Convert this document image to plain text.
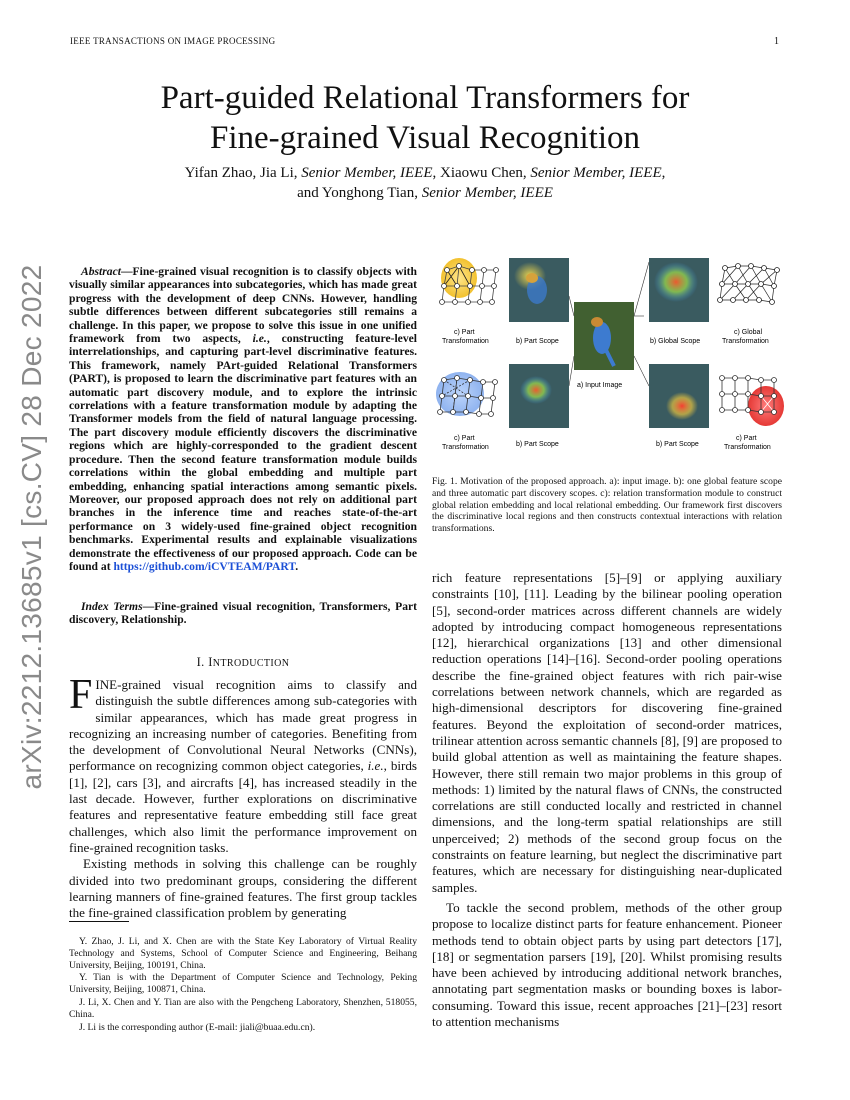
IEEE TRANSACTIONS ON IMAGE PROCESSING	1
arXiv:2212.13685v1 [cs.CV] 28 Dec 2022
Part-guided Relational Transformers for
Fine-grained Visual Recognition
Yifan Zhao, Jia Li, Senior Member, IEEE, Xiaowu Chen, Senior Member, IEEE,
and Yonghong Tian, Senior Member, IEEE
Abstract—Fine-grained visual recognition is to classify objects with visually similar appearances into subcategories, which has made great progress with the development of deep CNNs. However, handling subtle differences between different subcategories still remains a challenge. In this paper, we propose to solve this issue in one unified framework from two aspects, i.e., constructing feature-level interrelationships, and capturing part-level discriminative features. This framework, namely PArt-guided Relational Transformers (PART), is proposed to learn the discriminative part features with an automatic part discovery module, and to explore the intrinsic correlations with a feature transformation module by adapting the Transformer models from the field of natural language processing. The part discovery module efficiently discovers the discriminative regions which are highly-corresponded to the gradient descent procedure. Then the second feature transformation module builds correlations within the global embedding and multiple part embedding, enhancing spatial interactions among semantic pixels. Moreover, our proposed approach does not rely on additional part branches in the inference time and reaches state-of-the-art performance on 3 widely-used fine-grained object recognition benchmarks. Experimental results and explainable visualizations demonstrate the effectiveness of our proposed approach. Code can be found at https://github.com/iCVTEAM/PART.
Index Terms—Fine-grained visual recognition, Transformers, Part discovery, Relationship.
I. INTRODUCTION

FINE-grained visual recognition aims to classify and distinguish the subtle differences among sub-categories with similar appearances, which has made great progress in recognizing an increasing number of categories. Benefiting from the development of Convolutional Neural Networks (CNNs), performance on recognizing common object categories, i.e., birds [1], [2], cars [3], and aircrafts [4], has increased steadily in the last decade. However, further explorations on discriminative features and representative feature embedding still face great challenges, which also limit the performance improvement on fine-grained recognition tasks.

Existing methods in solving this challenge can be roughly divided into two predominant groups, considering the different learning manners of fine-grained features. The first group tackles the fine-grained classification problem by generating

Y. Zhao, J. Li, and X. Chen are with the State Key Laboratory of Virtual Reality Technology and Systems, School of Computer Science and Engineering, Beihang University, Beijing, 100191, China.

Y. Tian is with the Department of Computer Science and Technology, Peking University, Beijing, 100871, China.

J. Li, X. Chen and Y. Tian are also with the Pengcheng Laboratory, Shenzhen, 518055, China.

J. Li is the corresponding author (E-mail: jiali@buaa.edu.cn).

c) Part
Transformation	b) Part Scope
a) Input Image
b) Global Scope
c) Global
Transformation
c) Part
Transformation	b) Part Scope	b) Part Scope
c) Part
Transformation
Fig. 1. Motivation of the proposed approach. a): input image. b): one global feature scope and three automatic part discovery scopes. c): relation transformation module to construct global relation embedding and local relational embedding. Our framework first discovers the discriminative local regions and then constructs contextual interactions with relation transformations.

rich feature representations [5]–[9] or applying auxiliary constraints [10], [11]. Leading by the bilinear pooling operation [5], second-order matrices across different channels are widely adopted by introducing compact homogeneous representations [12], hierarchical organizations [13] and other dimensional reduction operations [14]–[16]. Second-order pooling operations describe the fine-grained object features with rich pair-wise correlations between network channels, which are regarded as high-dimensional descriptors for discovering fine-grained features. Beyond the exploitation of second-order matrices, trilinear attention across semantic channels [8], [9] are proposed to build global attention as well as maintaining the feature shapes. However, there still remain two major problems in this group of methods: 1) limited by the natural flaws of CNNs, the constructed correlations are still conducted locally and restricted in channel dimensions, and the long-term spatial relationships are still unperceived; 2) methods of the second group focus on the constraints on feature learning, but neglect the discriminative part features, which are necessary for distinguishing near-duplicated samples.

To tackle the second problem, methods of the other group propose to localize distinct parts for feature enhancement. Pioneer methods tend to obtain object parts by using part detectors [17], [18] or segmentation parsers [19], [20]. Whilst promising results have been achieved by introducing additional network branches, annotating part segmentation masks or bounding boxes is labor-consuming. Toward this issue, recent approaches [21]–[23] resort to attention mechanisms
